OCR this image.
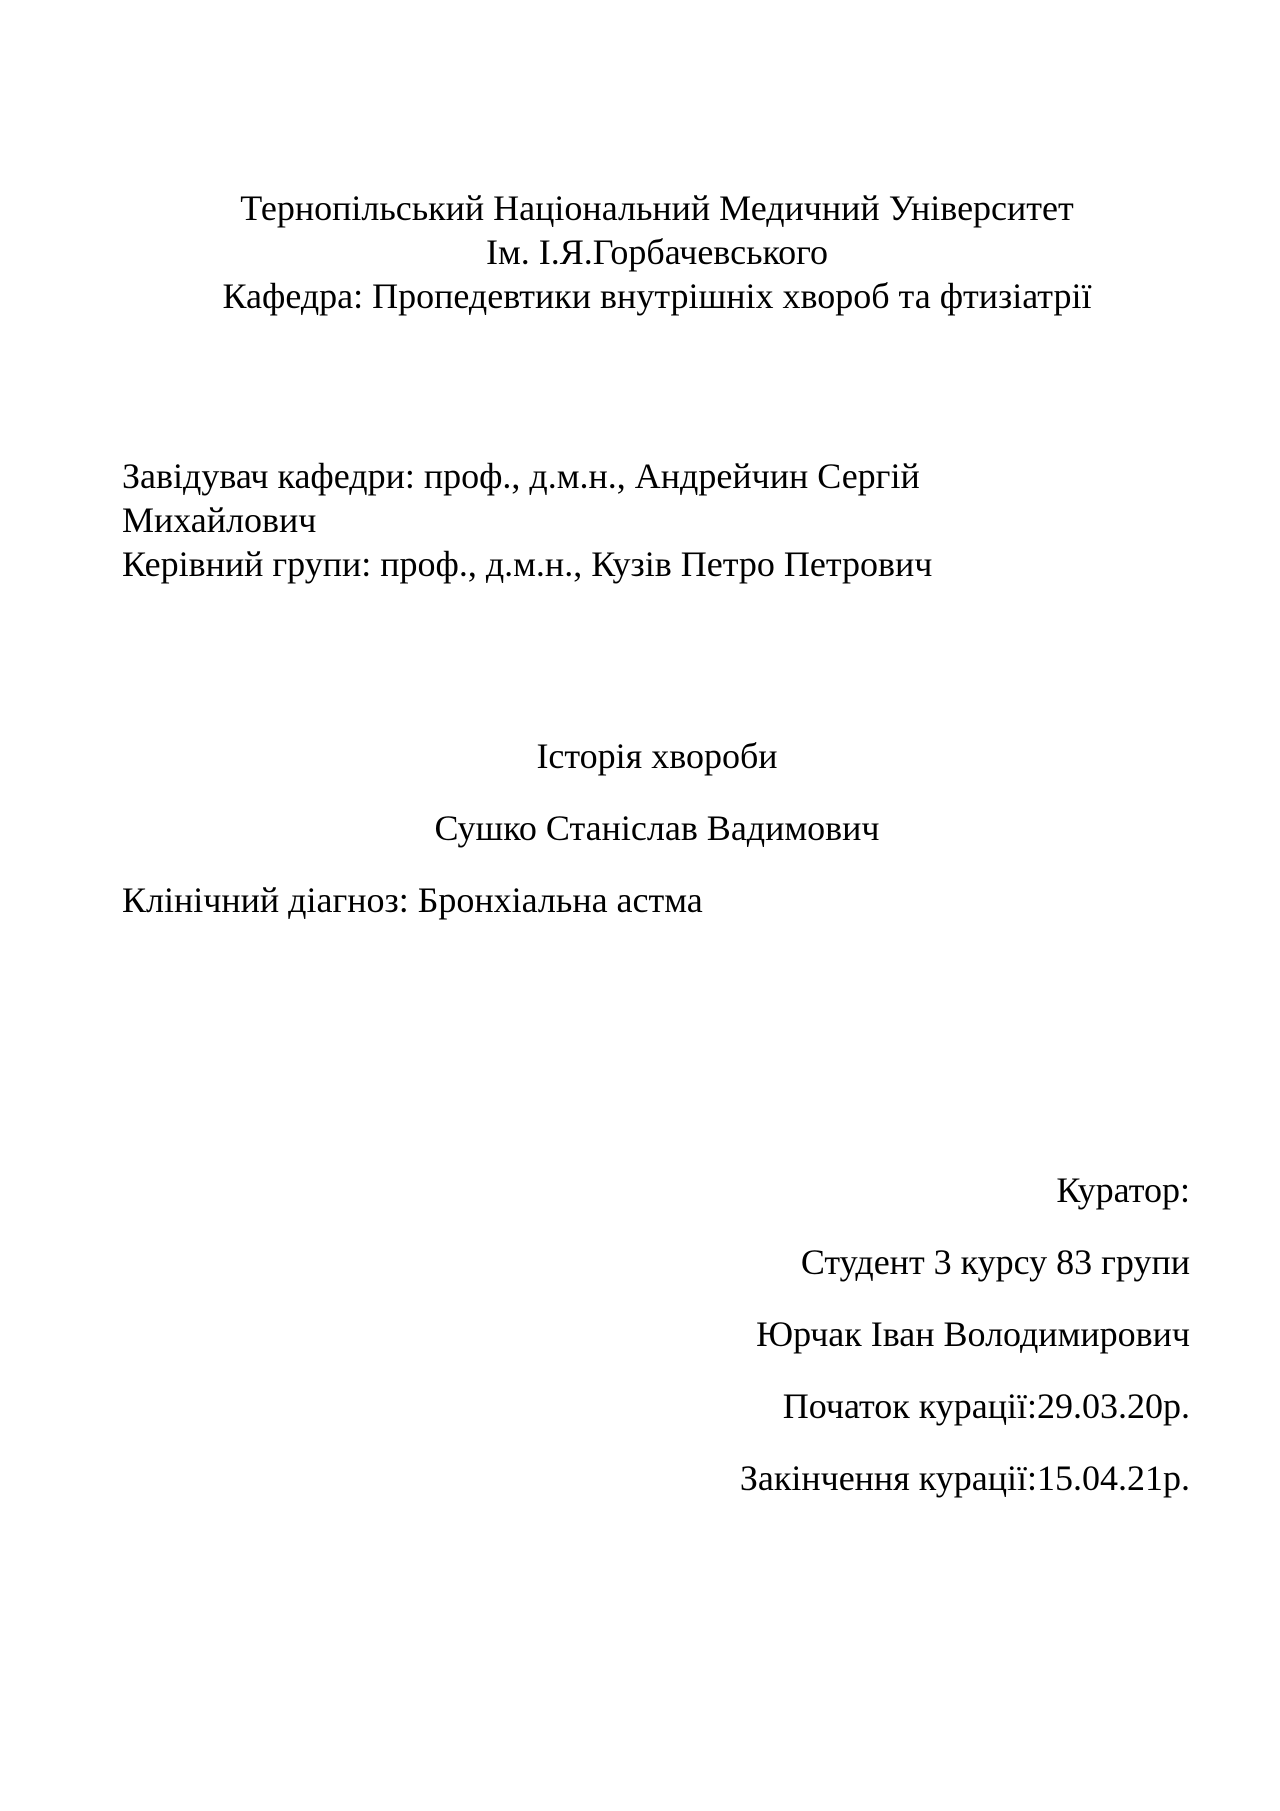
Тернопільський Національний Медичний Університет

Ім. І.Я.Горбачевського

Кафедра: Пропедевтики внутрішніх хвороб та фтизіатрії

Завідувач кафедри: проф., д.м.н., Андрейчин Сергій

Михайлович

Керівний групи: проф., д.м.н., Кузів Петро Петрович

Історія хвороби

Сушко Станіслав Вадимович

Клінічний діагноз: Бронхіальна астма

Куратор:

Студент 3 курсу 83 групи

Юрчак Іван Володимирович

Початок курації:29.03.20р.

Закінчення курації:15.04.21р.
